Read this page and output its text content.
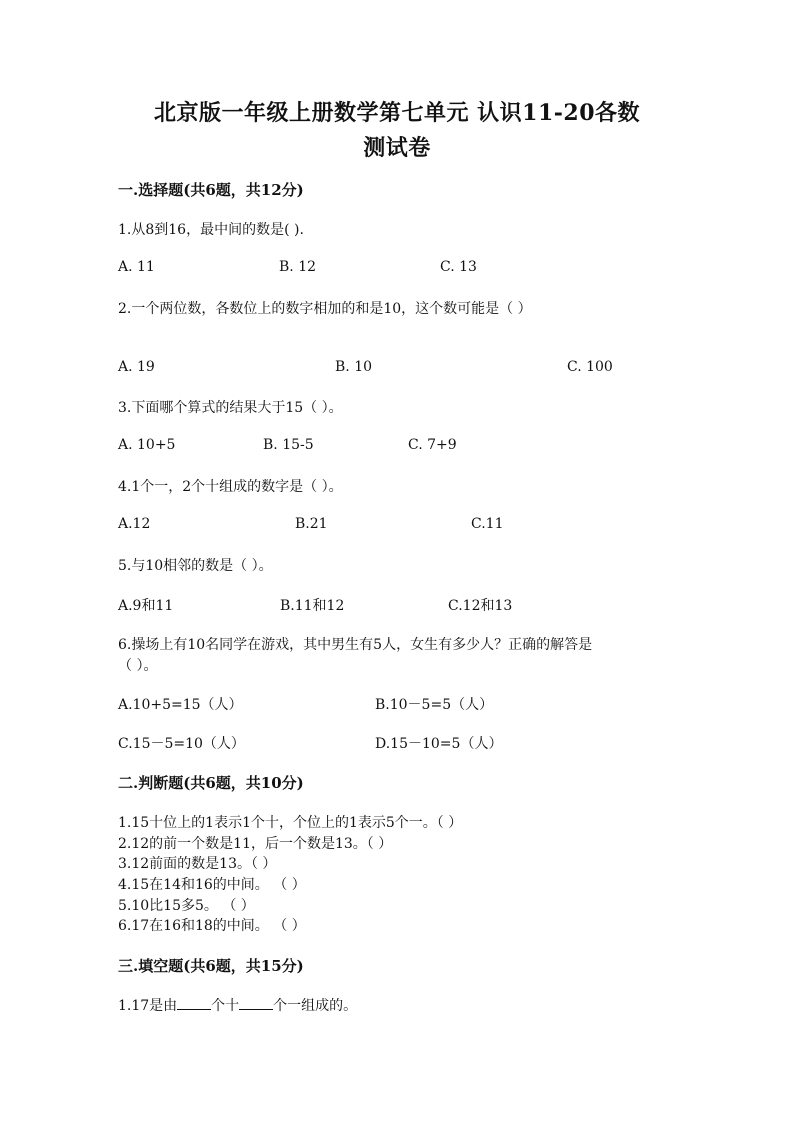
北京版一年级上册数学第七单元 认识11-20各数
测试卷
一.选择题(共6题，共12分)
1.从8到16，最中间的数是( ).
A. 11	B. 12	C. 13
2.一个两位数，各数位上的数字相加的和是10，这个数可能是（ ）
A. 19	B. 10	C. 100
3.下面哪个算式的结果大于15（ ）。
A. 10+5	B. 15-5	C. 7+9
4.1个一，2个十组成的数字是（ ）。
A.12	B.21	C.11
5.与10相邻的数是（ ）。
A.9和11	B.11和12	C.12和13
6.操场上有10名同学在游戏，其中男生有5人，女生有多少人？正确的解答是
（ ）。
A.10+5=15（人）	B.10－5=5（人）
C.15－5=10（人）	D.15－10=5（人）
二.判断题(共6题，共10分)
1.15十位上的1表示1个十，个位上的1表示5个一。（ ）
2.12的前一个数是11，后一个数是13。（ ）
3.12前面的数是13。（ ）
4.15在14和16的中间。 （ ）
5.10比15多5。 （ ）
6.17在16和18的中间。 （ ）
三.填空题(共6题，共15分)
1.17是由 个十 个一组成的。
